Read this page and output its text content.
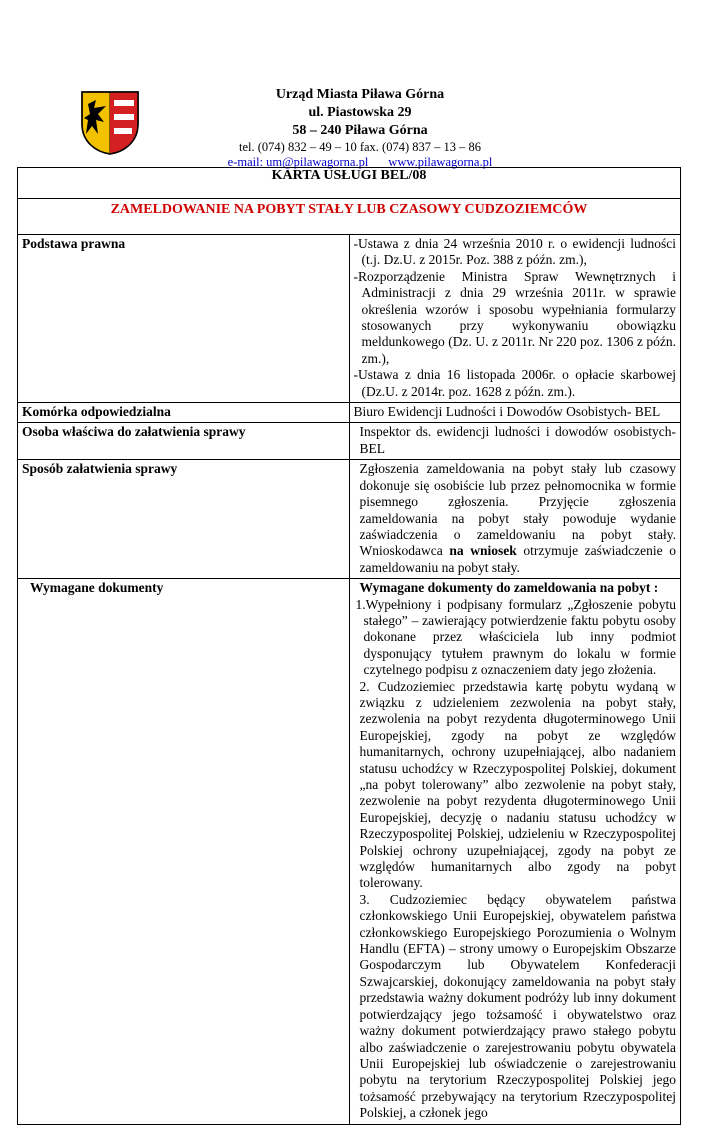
Urząd Miasta Piława Górna
ul. Piastowska 29
58 – 240 Piława Górna
tel. (074) 832 – 49 – 10 fax. (074) 837 – 13 – 86
e-mail: um@pilawagorna.pl www.pilawagorna.pl
KARTA USŁUGI BEL/08	
ZAMELDOWANIE NA POBYT STAŁY LUB CZASOWY CUDZOZIEMCÓW	
Podstawa prawna	-Ustawa z dnia 24 września 2010 r. o ewidencji ludności (t.j. Dz.U. z 2015r. Poz. 388 z późn. zm.),

-Rozporządzenie Ministra Spraw Wewnętrznych i Administracji z dnia 29 września 2011r. w sprawie określenia wzorów i sposobu wypełniania formularzy stosowanych przy wykonywaniu obowiązku meldunkowego (Dz. U. z 2011r. Nr 220 poz. 1306 z późn. zm.),

-Ustawa z dnia 16 listopada 2006r. o opłacie skarbowej (Dz.U. z 2014r. poz. 1628 z późn. zm.).

Komórka odpowiedzialna	Biuro Ewidencji Ludności i Dowodów Osobistych- BEL
Osoba właściwa do załatwienia sprawy	Inspektor ds. ewidencji ludności i dowodów osobistych- BEL
Sposób załatwienia sprawy	Zgłoszenia zameldowania na pobyt stały lub czasowy dokonuje się osobiście lub przez pełnomocnika w formie pisemnego zgłoszenia. Przyjęcie zgłoszenia zameldowania na pobyt stały powoduje wydanie zaświadczenia o zameldowaniu na pobyt stały. Wnioskodawca na wniosek otrzymuje zaświadczenie o zameldowaniu na pobyt stały.
Wymagane dokumenty	Wymagane dokumenty do zameldowania na pobyt :

1.Wypełniony i podpisany formularz „Zgłoszenie pobytu stałego” – zawierający potwierdzenie faktu pobytu osoby dokonane przez właściciela lub inny podmiot dysponujący tytułem prawnym do lokalu w formie czytelnego podpisu z oznaczeniem daty jego złożenia.

2. Cudzoziemiec przedstawia kartę pobytu wydaną w związku z udzieleniem zezwolenia na pobyt stały, zezwolenia na pobyt rezydenta długoterminowego Unii Europejskiej, zgody na pobyt ze względów humanitarnych, ochrony uzupełniającej, albo nadaniem statusu uchodźcy w Rzeczypospolitej Polskiej, dokument „na pobyt tolerowany” albo zezwolenie na pobyt stały, zezwolenie na pobyt rezydenta długoterminowego Unii Europejskiej, decyzję o nadaniu statusu uchodźcy w Rzeczypospolitej Polskiej, udzieleniu w Rzeczypospolitej Polskiej ochrony uzupełniającej, zgody na pobyt ze względów humanitarnych albo zgody na pobyt tolerowany.

3. Cudzoziemiec będący obywatelem państwa członkowskiego Unii Europejskiej, obywatelem państwa członkowskiego Europejskiego Porozumienia o Wolnym Handlu (EFTA) – strony umowy o Europejskim Obszarze Gospodarczym lub Obywatelem Konfederacji Szwajcarskiej, dokonujący zameldowania na pobyt stały przedstawia ważny dokument podróży lub inny dokument potwierdzający jego tożsamość i obywatelstwo oraz ważny dokument potwierdzający prawo stałego pobytu albo zaświadczenie o zarejestrowaniu pobytu obywatela Unii Europejskiej lub oświadczenie o zarejestrowaniu pobytu na terytorium Rzeczypospolitej Polskiej jego tożsamość przebywający na terytorium Rzeczypospolitej Polskiej, a członek jego
